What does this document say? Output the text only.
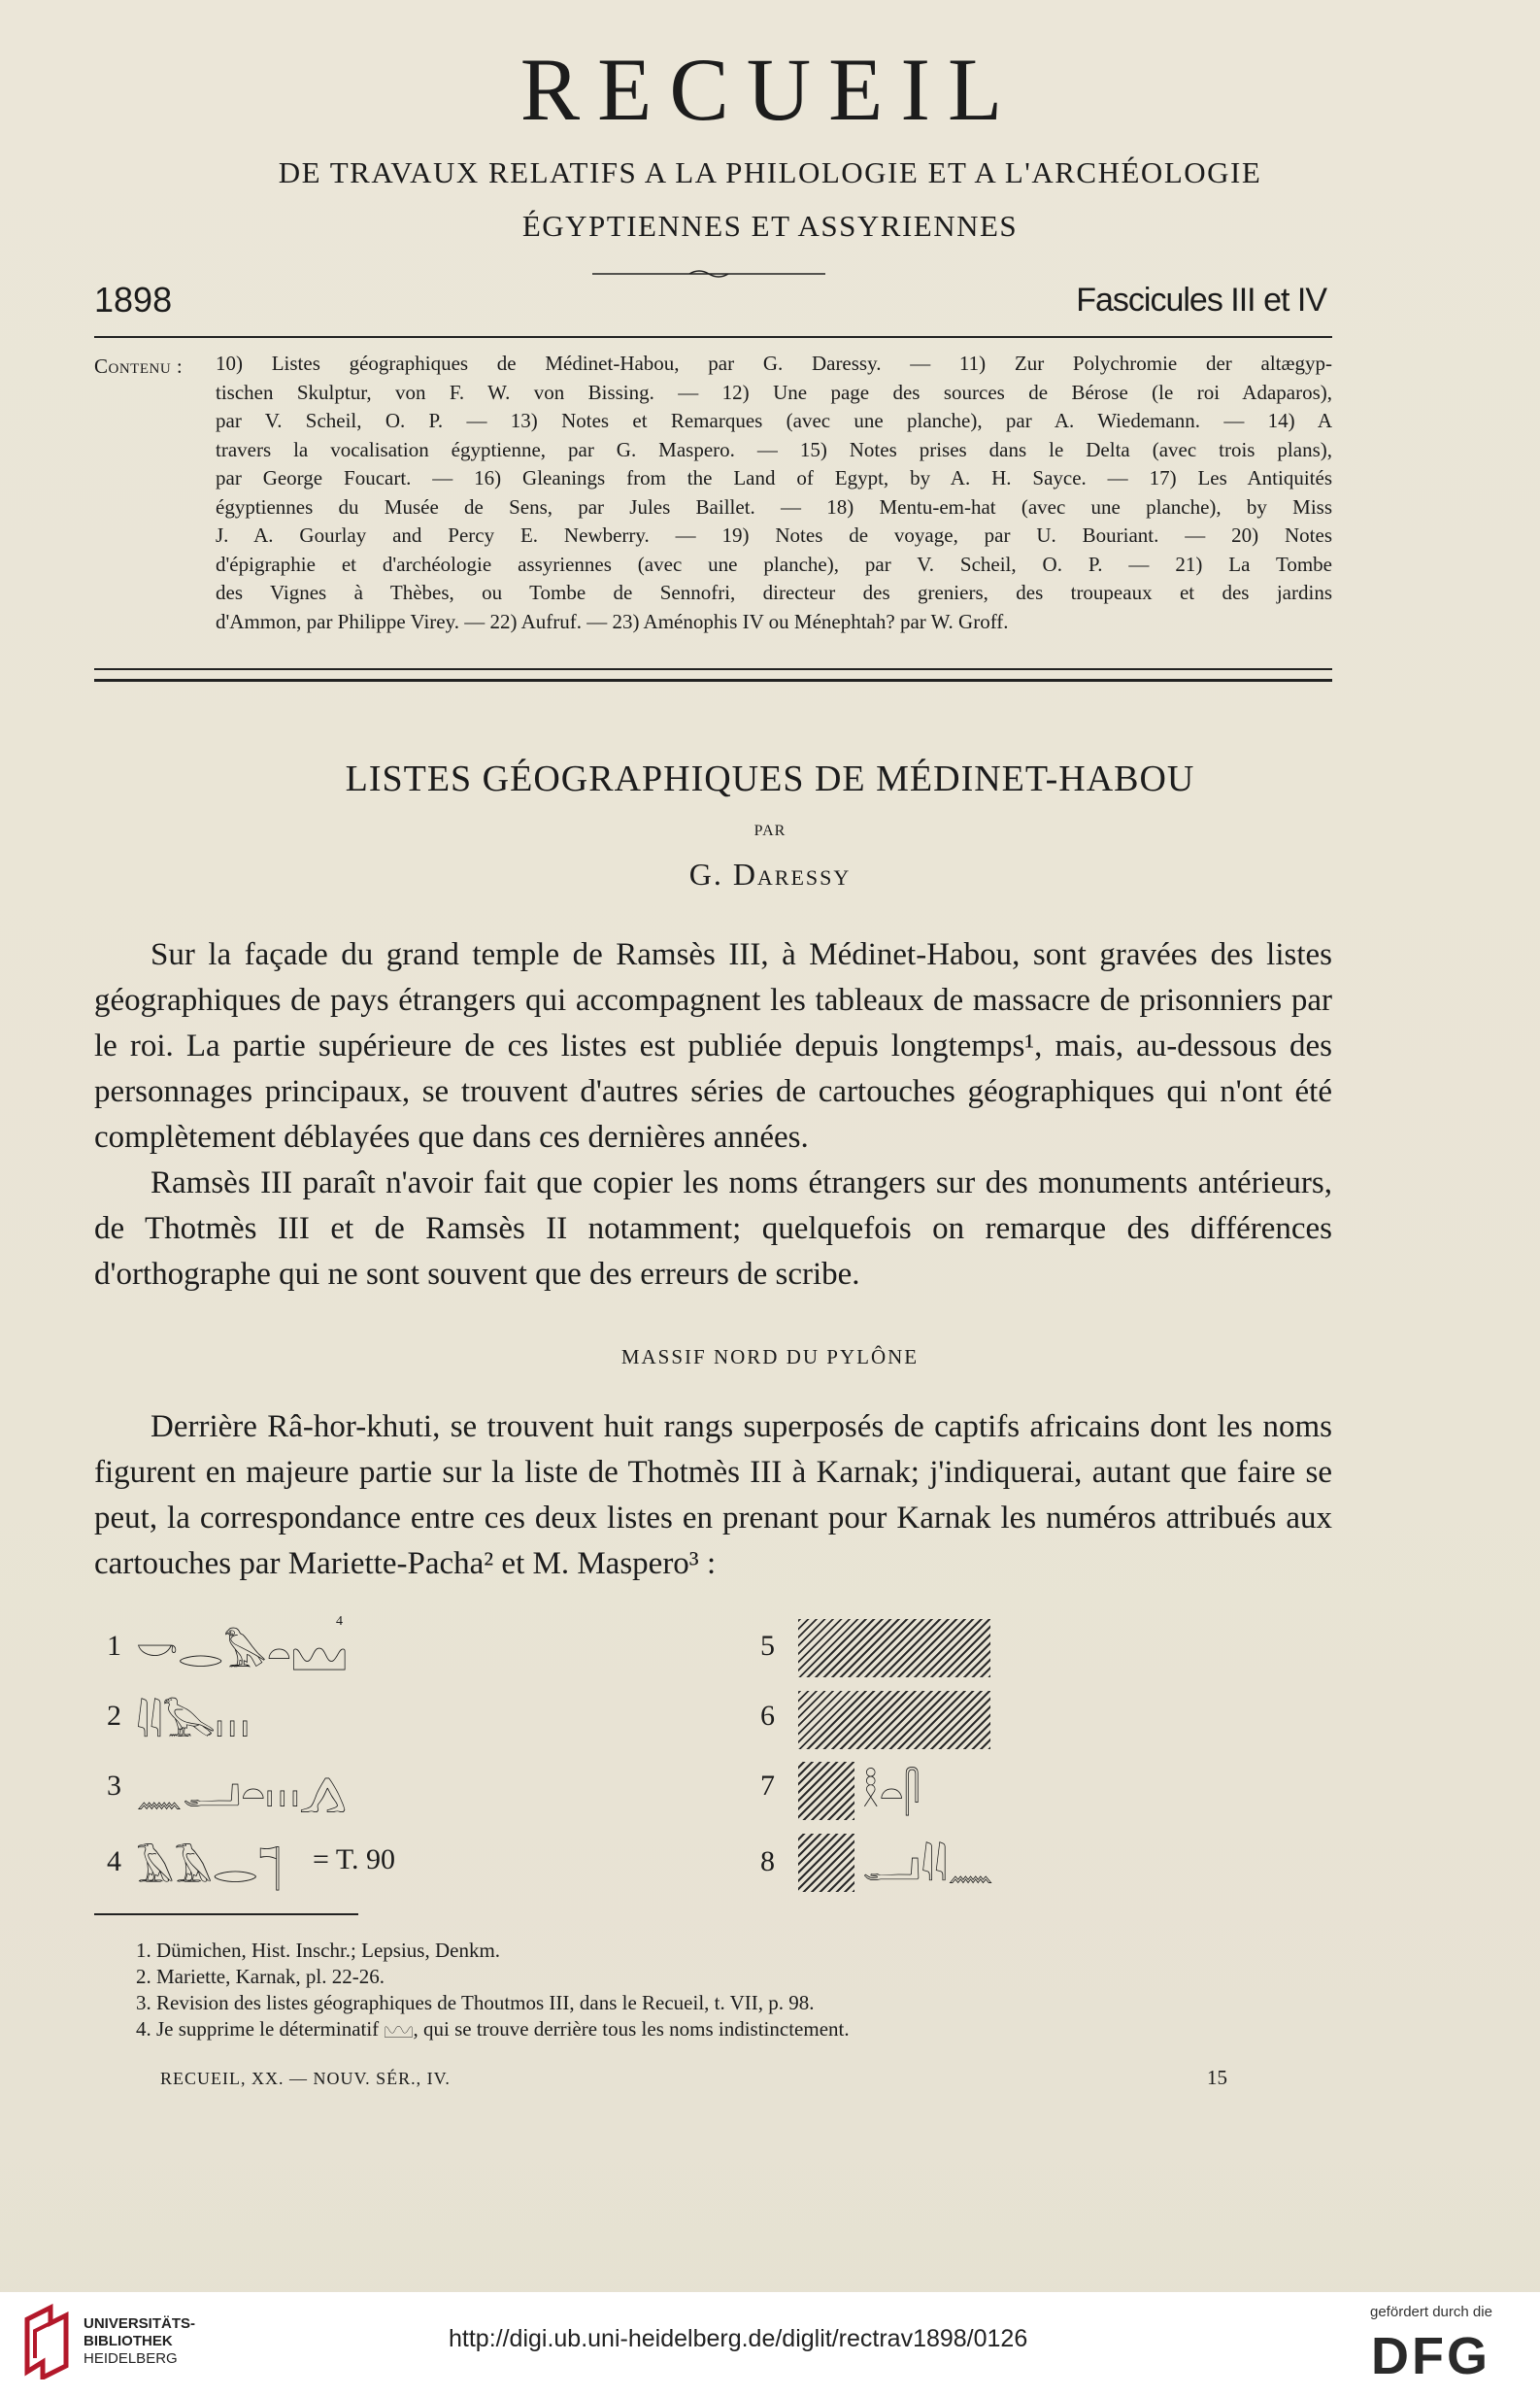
RECUEIL
DE TRAVAUX RELATIFS A LA PHILOLOGIE ET A L'ARCHÉOLOGIE
ÉGYPTIENNES ET ASSYRIENNES
1898	Fascicules III et IV
Contenu : 10) Listes géographiques de Médinet-Habou, par G. Daressy. — 11) Zur Polychromie der altægyp-
tischen Skulptur, von F. W. von Bissing. — 12) Une page des sources de Bérose (le roi Adaparos),
par V. Scheil, O. P. — 13) Notes et Remarques (avec une planche), par A. Wiedemann. — 14) A
travers la vocalisation égyptienne, par G. Maspero. — 15) Notes prises dans le Delta (avec trois plans),
par George Foucart. — 16) Gleanings from the Land of Egypt, by A. H. Sayce. — 17) Les Antiquités
égyptiennes du Musée de Sens, par Jules Baillet. — 18) Mentu-em-hat (avec une planche), by Miss
J. A. Gourlay and Percy E. Newberry. — 19) Notes de voyage, par U. Bouriant. — 20) Notes
d'épigraphie et d'archéologie assyriennes (avec une planche), par V. Scheil, O. P. — 21) La Tombe
des Vignes à Thèbes, ou Tombe de Sennofri, directeur des greniers, des troupeaux et des jardins
d'Ammon, par Philippe Virey. — 22) Aufruf. — 23) Aménophis IV ou Ménephtah? par W. Groff.
LISTES GÉOGRAPHIQUES DE MÉDINET-HABOU
PAR
G. Daressy

Sur la façade du grand temple de Ramsès III, à Médinet-Habou, sont gravées des listes géographiques de pays étrangers qui accompagnent les tableaux de massacre de prisonniers par le roi. La partie supérieure de ces listes est publiée depuis longtemps¹, mais, au-dessous des personnages principaux, se trouvent d'autres séries de cartouches géographiques qui n'ont été complètement déblayées que dans ces dernières années.

Ramsès III paraît n'avoir fait que copier les noms étrangers sur des monuments antérieurs, de Thotmès III et de Ramsès II notamment; quelquefois on remarque des différences d'orthographe qui ne sont souvent que des erreurs de scribe.

MASSIF NORD DU PYLÔNE

Derrière Râ-hor-khuti, se trouvent huit rangs superposés de captifs africains dont les noms figurent en majeure partie sur la liste de Thotmès III à Karnak; j'indiquerai, autant que faire se peut, la correspondance entre ces deux listes en prenant pour Karnak les numéros attribués aux cartouches par Mariette-Pacha² et M. Maspero³ :

1 𓎡𓂋𓅃𓏏𓈉
4
2 𓇋𓇋𓅂𓏥
3 𓈖𓂝𓏏𓏥𓂻
4 𓄿𓄿𓂋𓊹 = T. 90
5
6
7 𓎛𓏏𓋴
8 𓂝𓇋𓇋𓈖
1. Dümichen, Hist. Inschr.; Lepsius, Denkm.
2. Mariette, Karnak, pl. 22-26.
3. Revision des listes géographiques de Thoutmos III, dans le Recueil, t. VII, p. 98.
4. Je supprime le déterminatif 𓈉, qui se trouve derrière tous les noms indistinctement.
RECUEIL, XX. — NOUV. SÉR., IV.	15
UNIVERSITÄTS-
BIBLIOTHEK
HEIDELBERG
http://digi.ub.uni-heidelberg.de/diglit/rectrav1898/0126
gefördert durch die
DFG
